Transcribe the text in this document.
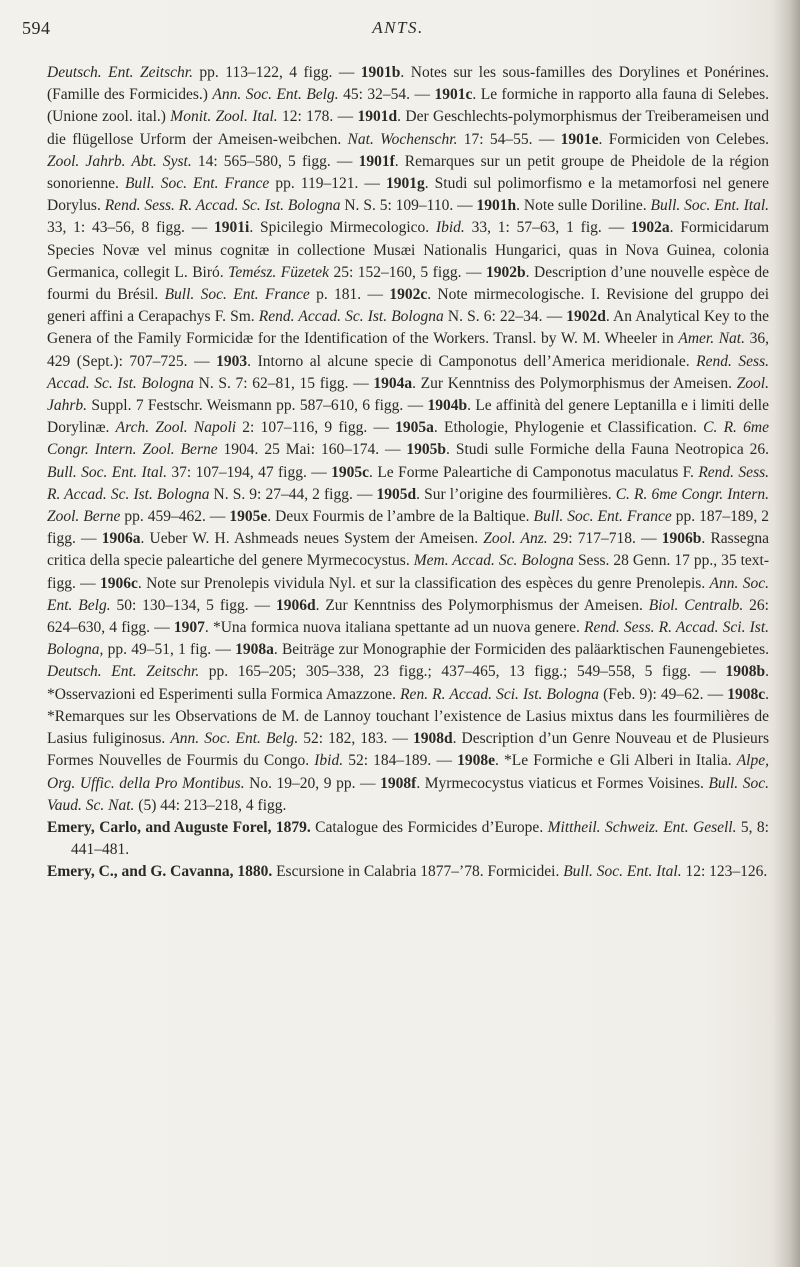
594	ANTS.

Deutsch. Ent. Zeitschr. pp. 113–122, 4 figg. — 1901b. Notes sur les sous-familles des Dorylines et Ponérines. (Famille des Formicides.) Ann. Soc. Ent. Belg. 45: 32–54. — 1901c. Le formiche in rapporto alla fauna di Selebes. (Unione zool. ital.) Monit. Zool. Ital. 12: 178. — 1901d. Der Geschlechts-polymorphismus der Treiberameisen und die flügellose Urform der Ameisen-weibchen. Nat. Wochenschr. 17: 54–55. — 1901e. Formiciden von Celebes. Zool. Jahrb. Abt. Syst. 14: 565–580, 5 figg. — 1901f. Remarques sur un petit groupe de Pheidole de la région sonorienne. Bull. Soc. Ent. France pp. 119–121. — 1901g. Studi sul polimorfismo e la metamorfosi nel genere Dorylus. Rend. Sess. R. Accad. Sc. Ist. Bologna N. S. 5: 109–110. — 1901h. Note sulle Doriline. Bull. Soc. Ent. Ital. 33, 1: 43–56, 8 figg. — 1901i. Spicilegio Mirmecologico. Ibid. 33, 1: 57–63, 1 fig. — 1902a. Formicidarum Species Novæ vel minus cognitæ in collectione Musæi Nationalis Hungarici, quas in Nova Guinea, colonia Germanica, collegit L. Biró. Temész. Füzetek 25: 152–160, 5 figg. — 1902b. Description d’une nouvelle espèce de fourmi du Brésil. Bull. Soc. Ent. France p. 181. — 1902c. Note mirmecologische. I. Revisione del gruppo dei generi affini a Cerapachys F. Sm. Rend. Accad. Sc. Ist. Bologna N. S. 6: 22–34. — 1902d. An Analytical Key to the Genera of the Family Formicidæ for the Identification of the Workers. Transl. by W. M. Wheeler in Amer. Nat. 36, 429 (Sept.): 707–725. — 1903. Intorno al alcune specie di Camponotus dell’America meridionale. Rend. Sess. Accad. Sc. Ist. Bologna N. S. 7: 62–81, 15 figg. — 1904a. Zur Kenntniss des Polymorphismus der Ameisen. Zool. Jahrb. Suppl. 7 Festschr. Weismann pp. 587–610, 6 figg. — 1904b. Le affinità del genere Leptanilla e i limiti delle Dorylinæ. Arch. Zool. Napoli 2: 107–116, 9 figg. — 1905a. Ethologie, Phylogenie et Classification. C. R. 6me Congr. Intern. Zool. Berne 1904. 25 Mai: 160–174. — 1905b. Studi sulle Formiche della Fauna Neotropica 26. Bull. Soc. Ent. Ital. 37: 107–194, 47 figg. — 1905c. Le Forme Paleartiche di Camponotus maculatus F. Rend. Sess. R. Accad. Sc. Ist. Bologna N. S. 9: 27–44, 2 figg. — 1905d. Sur l’origine des fourmilières. C. R. 6me Congr. Intern. Zool. Berne pp. 459–462. — 1905e. Deux Fourmis de l’ambre de la Baltique. Bull. Soc. Ent. France pp. 187–189, 2 figg. — 1906a. Ueber W. H. Ashmeads neues System der Ameisen. Zool. Anz. 29: 717–718. — 1906b. Rassegna critica della specie paleartiche del genere Myrmecocystus. Mem. Accad. Sc. Bologna Sess. 28 Genn. 17 pp., 35 text-figg. — 1906c. Note sur Prenolepis vividula Nyl. et sur la classification des espèces du genre Prenolepis. Ann. Soc. Ent. Belg. 50: 130–134, 5 figg. — 1906d. Zur Kenntniss des Polymorphismus der Ameisen. Biol. Centralb. 26: 624–630, 4 figg. — 1907. *Una formica nuova italiana spettante ad un nuova genere. Rend. Sess. R. Accad. Sci. Ist. Bologna, pp. 49–51, 1 fig. — 1908a. Beiträge zur Monographie der Formiciden des paläarktischen Faunengebietes. Deutsch. Ent. Zeitschr. pp. 165–205; 305–338, 23 figg.; 437–465, 13 figg.; 549–558, 5 figg. — 1908b. *Osservazioni ed Esperimenti sulla Formica Amazzone. Ren. R. Accad. Sci. Ist. Bologna (Feb. 9): 49–62. — 1908c. *Remarques sur les Observations de M. de Lannoy touchant l’existence de Lasius mixtus dans les fourmilières de Lasius fuliginosus. Ann. Soc. Ent. Belg. 52: 182, 183. — 1908d. Description d’un Genre Nouveau et de Plusieurs Formes Nouvelles de Fourmis du Congo. Ibid. 52: 184–189. — 1908e. *Le Formiche e Gli Alberi in Italia. Alpe, Org. Uffic. della Pro Montibus. No. 19–20, 9 pp. — 1908f. Myrmecocystus viaticus et Formes Voisines. Bull. Soc. Vaud. Sc. Nat. (5) 44: 213–218, 4 figg.

Emery, Carlo, and Auguste Forel, 1879. Catalogue des Formicides d’Europe. Mittheil. Schweiz. Ent. Gesell. 5, 8: 441–481.

Emery, C., and G. Cavanna, 1880. Escursione in Calabria 1877–’78. Formicidei. Bull. Soc. Ent. Ital. 12: 123–126.
